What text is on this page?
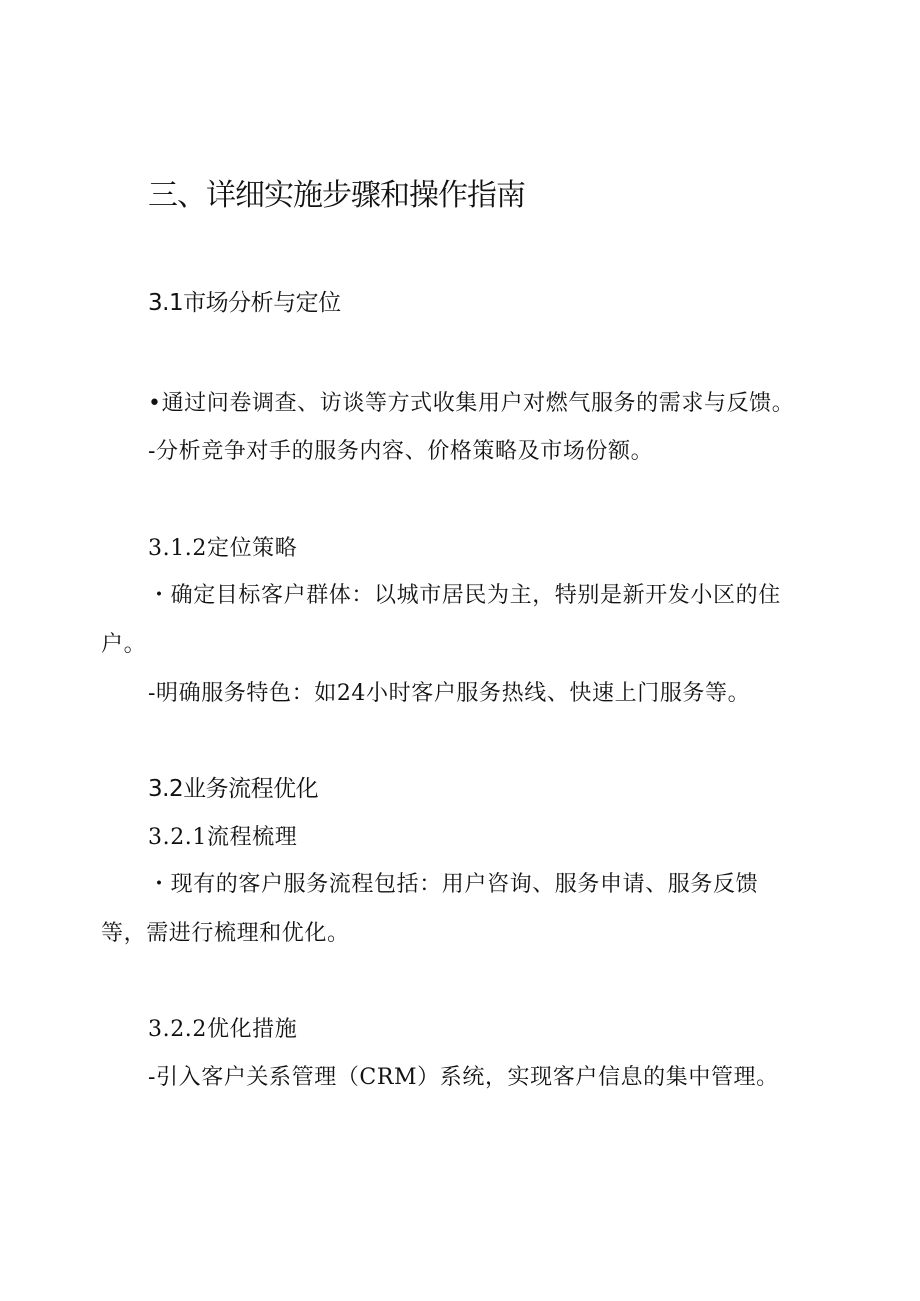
三、详细实施步骤和操作指南
3.1市场分析与定位

•通过问卷调查、访谈等方式收集用户对燃气服务的需求与反馈。

-分析竞争对手的服务内容、价格策略及市场份额。

3.1.2定位策略

・确定目标客户群体：以城市居民为主，特别是新开发小区的住

户。

-明确服务特色：如24小时客户服务热线、快速上门服务等。

3.2业务流程优化
3.2.1流程梳理

・现有的客户服务流程包括：用户咨询、服务申请、服务反馈

等，需进行梳理和优化。

3.2.2优化措施

-引入客户关系管理（CRM）系统，实现客户信息的集中管理。
